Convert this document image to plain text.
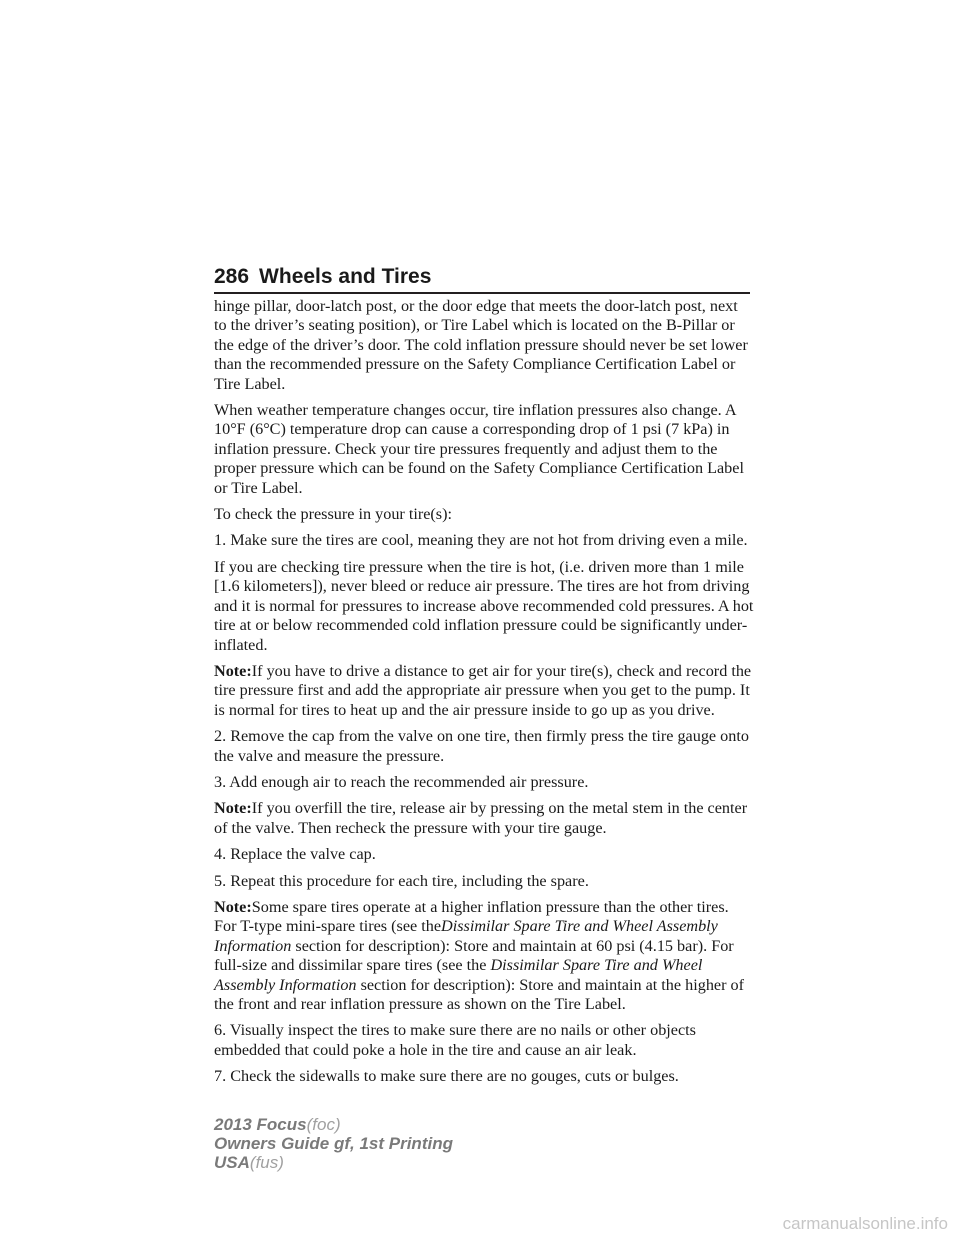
286 Wheels and Tires

hinge pillar, door-latch post, or the door edge that meets the door-latch post, next to the driver’s seating position), or Tire Label which is located on the B-Pillar or the edge of the driver’s door. The cold inflation pressure should never be set lower than the recommended pressure on the Safety Compliance Certification Label or Tire Label.

When weather temperature changes occur, tire inflation pressures also change. A 10°F (6°C) temperature drop can cause a corresponding drop of 1 psi (7 kPa) in inflation pressure. Check your tire pressures frequently and adjust them to the proper pressure which can be found on the Safety Compliance Certification Label or Tire Label.

To check the pressure in your tire(s):

1. Make sure the tires are cool, meaning they are not hot from driving even a mile.

If you are checking tire pressure when the tire is hot, (i.e. driven more than 1 mile [1.6 kilometers]), never bleed or reduce air pressure. The tires are hot from driving and it is normal for pressures to increase above recommended cold pressures. A hot tire at or below recommended cold inflation pressure could be significantly under-inflated.

Note:If you have to drive a distance to get air for your tire(s), check and record the tire pressure first and add the appropriate air pressure when you get to the pump. It is normal for tires to heat up and the air pressure inside to go up as you drive.

2. Remove the cap from the valve on one tire, then firmly press the tire gauge onto the valve and measure the pressure.

3. Add enough air to reach the recommended air pressure.

Note:If you overfill the tire, release air by pressing on the metal stem in the center of the valve. Then recheck the pressure with your tire gauge.

4. Replace the valve cap.

5. Repeat this procedure for each tire, including the spare.

Note:Some spare tires operate at a higher inflation pressure than the other tires. For T-type mini-spare tires (see theDissimilar Spare Tire and Wheel Assembly Information section for description): Store and maintain at 60 psi (4.15 bar). For full-size and dissimilar spare tires (see the Dissimilar Spare Tire and Wheel Assembly Information section for description): Store and maintain at the higher of the front and rear inflation pressure as shown on the Tire Label.

6. Visually inspect the tires to make sure there are no nails or other objects embedded that could poke a hole in the tire and cause an air leak.

7. Check the sidewalls to make sure there are no gouges, cuts or bulges.

2013 Focus(foc)
Owners Guide gf, 1st Printing
USA(fus)
carmanualsonline.info
